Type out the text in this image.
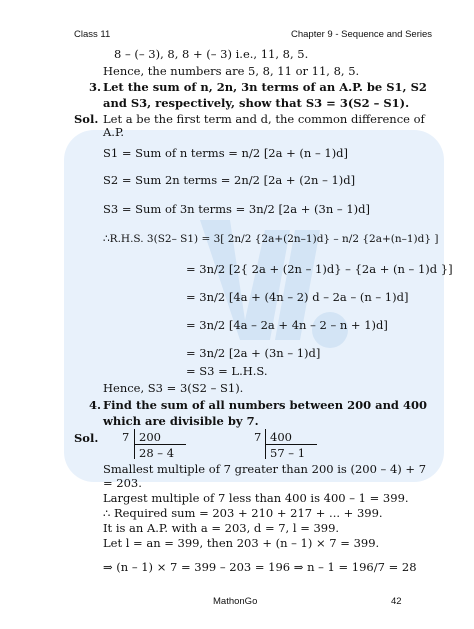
Class 11	Chapter 9 - Sequence and Series
MathonGo	42
8 – (– 3), 8, 8 + (– 3) i.e., 11, 8, 5.
Hence, the numbers are 5, 8, 11 or 11, 8, 5.
3. Let the sum of n, 2n, 3n terms of an A.P. be S1, S2
and S3, respectively, show that S3 = 3(S2 – S1).
Sol. Let a be the first term and d, the common difference of
A.P.
S1 = Sum of n terms = n/2 [2a + (n – 1)d]
S2 = Sum 2n terms = 2n/2 [2a + (2n – 1)d]
S3 = Sum of 3n terms = 3n/2 [2a + (3n – 1)d]
∴R.H.S. 3(S2– S1) = 3[ 2n/2 {2a+(2n–1)d} – n/2 {2a+(n–1)d} ]
= 3n/2 [2{ 2a + (2n – 1)d} – {2a + (n – 1)d }]
= 3n/2 [4a + (4n – 2) d – 2a – (n – 1)d]
= 3n/2 [4a – 2a + 4n – 2 – n + 1)d]
= 3n/2 [2a + (3n – 1)d]
= S3 = L.H.S.
Hence, S3 = 3(S2 – S1).
4. Find the sum of all numbers between 200 and 400
which are divisible by 7.
Sol. 7 200
28 – 4
7 400
57 – 1
Smallest multiple of 7 greater than 200 is (200 – 4) + 7
= 203.
Largest multiple of 7 less than 400 is 400 – 1 = 399.
∴ Required sum = 203 + 210 + 217 + ... + 399.
It is an A.P. with a = 203, d = 7, l = 399.
Let l = an = 399, then 203 + (n – 1) × 7 = 399.
⇒ (n – 1) × 7 = 399 – 203 = 196 ⇒ n – 1 = 196/7 = 28
